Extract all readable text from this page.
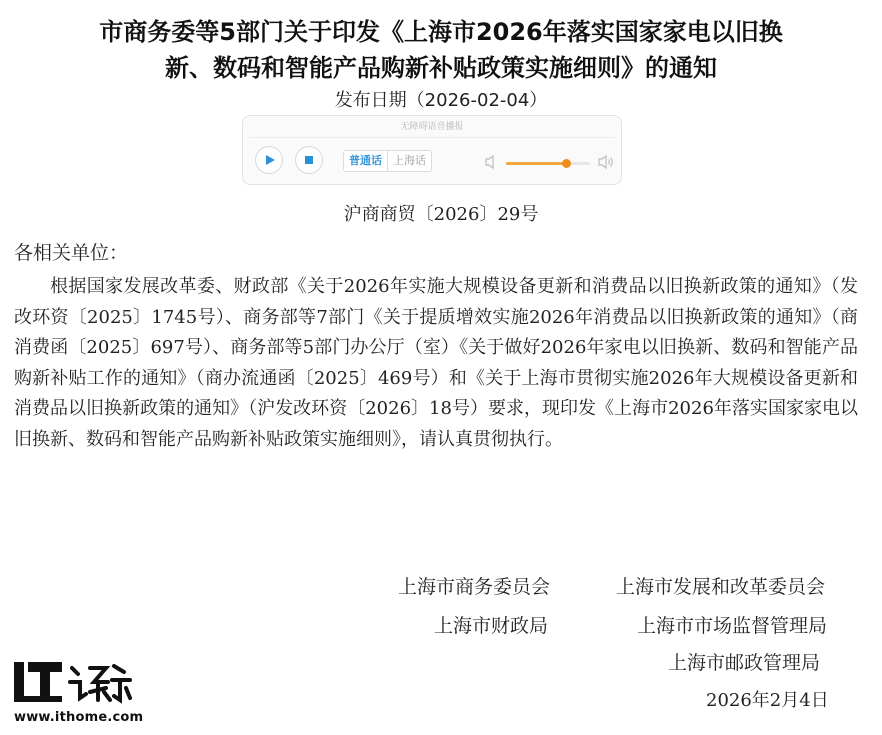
市商务委等5部门关于印发《上海市2026年落实国家家电以旧换
新、数码和智能产品购新补贴政策实施细则》的通知
发布日期（2026-02-04）
无障碍语音播报
普通话	上海话
沪商商贸〔2026〕29号
各相关单位：

根据国家发展改革委、财政部《关于2026年实施大规模设备更新和消费品以旧换新政策的通知》（发改环资〔2025〕1745号）、商务部等7部门《关于提质增效实施2026年消费品以旧换新政策的通知》（商消费函〔2025〕697号）、商务部等5部门办公厅（室）《关于做好2026年家电以旧换新、数码和智能产品购新补贴工作的通知》（商办流通函〔2025〕469号）和《关于上海市贯彻实施2026年大规模设备更新和消费品以旧换新政策的通知》（沪发改环资〔2026〕18号）要求，现印发《上海市2026年落实国家家电以旧换新、数码和智能产品购新补贴政策实施细则》，请认真贯彻执行。

上海市商务委员会	上海市发展和改革委员会
上海市财政局	上海市市场监督管理局
上海市邮政管理局
2026年2月4日
www.ithome.com
